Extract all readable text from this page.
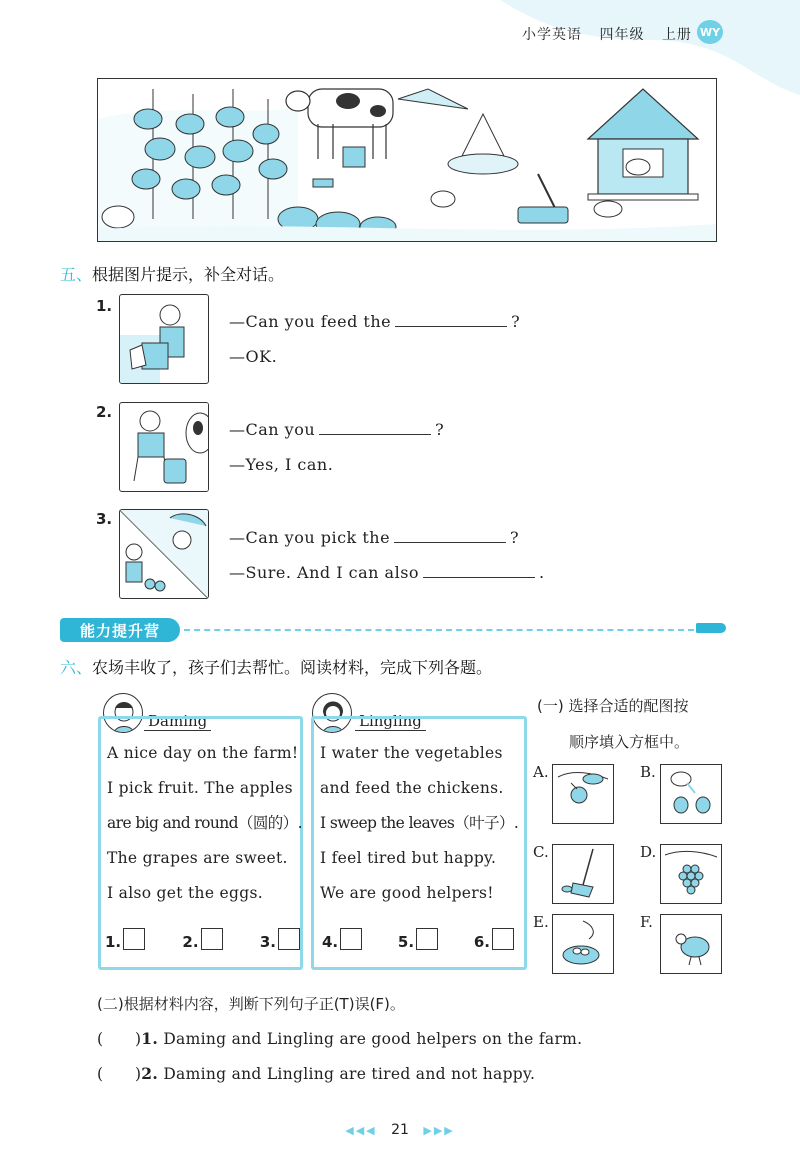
小学英语 四年级 上册 WY
五、根据图片提示，补全对话。
1.
—Can you feed the	?
—OK.
2.
—Can you	?
—Yes, I can.
3.
—Can you pick the	?
—Sure. And I can also	.
能力提升营
六、农场丰收了，孩子们去帮忙。阅读材料，完成下列各题。
Daming
A nice day on the farm!
I pick fruit. The apples
are big and round（圆的）.
The grapes are sweet.
I also get the eggs.
1.	2.	3.
Lingling
I water the vegetables
and feed the chickens.
I sweep the leaves（叶子）.
I feel tired but happy.
We are good helpers!
4.	5.	6.
(一) 选择合适的配图按
顺序填入方框中。
A.	B.
C.	D.
E.	F.
(二)根据材料内容，判断下列句子正(T)误(F)。
(　　)1. Daming and Lingling are good helpers on the farm.
(　　)2. Daming and Lingling are tired and not happy.
◀◀◀ 21 ▶▶▶
